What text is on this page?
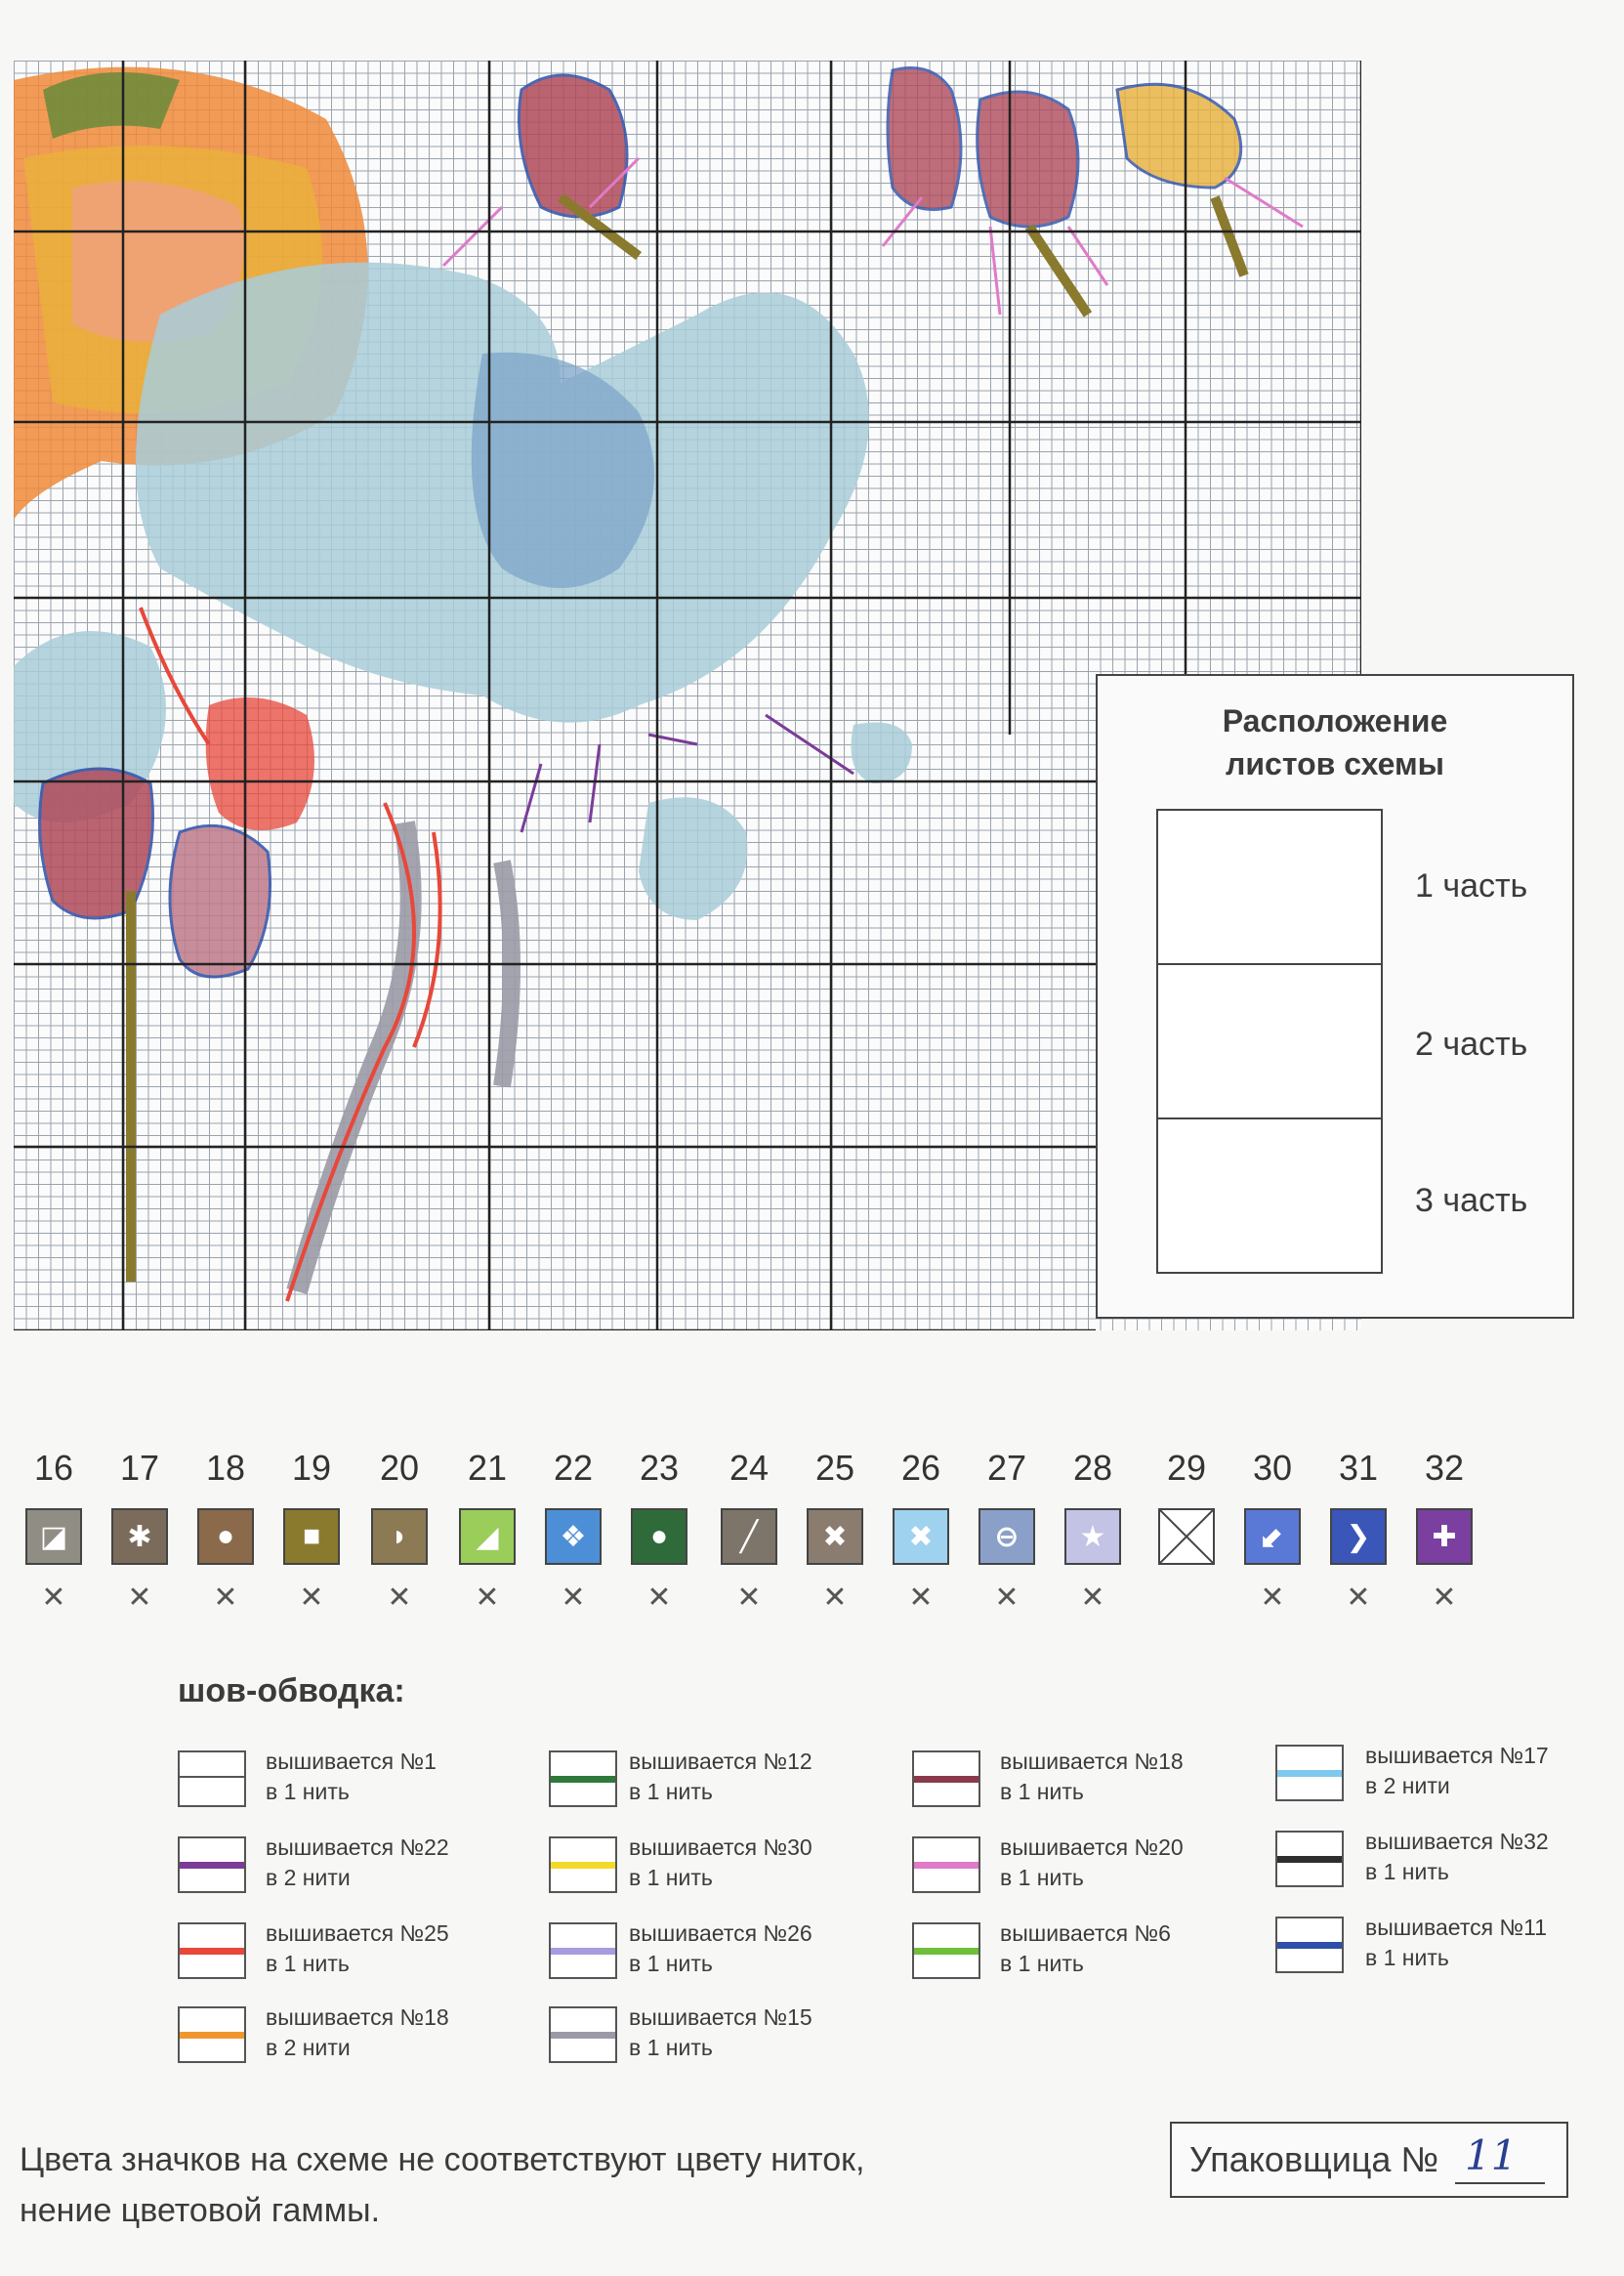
Расположение
листов схемы
1 часть
2 часть
3 часть
16
◪
✕
17
✱
✕
18
●
✕
19
■
✕
20
◗
✕
21
◢
✕
22
❖
✕
23
●
✕
24
╱
✕
25
✖
✕
26
✖
✕
27
⊖
✕
28
★
✕
29	30
⬋
✕
31
❯
✕
32
✚
✕
шов-обводка:
вышивается №1
в 1 нить
вышивается №22
в 2 нити
вышивается №25
в 1 нить
вышивается №18
в 2 нити
вышивается №12
в 1 нить
вышивается №30
в 1 нить
вышивается №26
в 1 нить
вышивается №15
в 1 нить
вышивается №18
в 1 нить
вышивается №20
в 1 нить
вышивается №6
в 1 нить
вышивается №17
в 2 нити
вышивается №32
в 1 нить
вышивается №11
в 1 нить
Цвета значков на схеме не соответствуют цвету ниток,
нение цветовой гаммы.
Упаковщица № 11
